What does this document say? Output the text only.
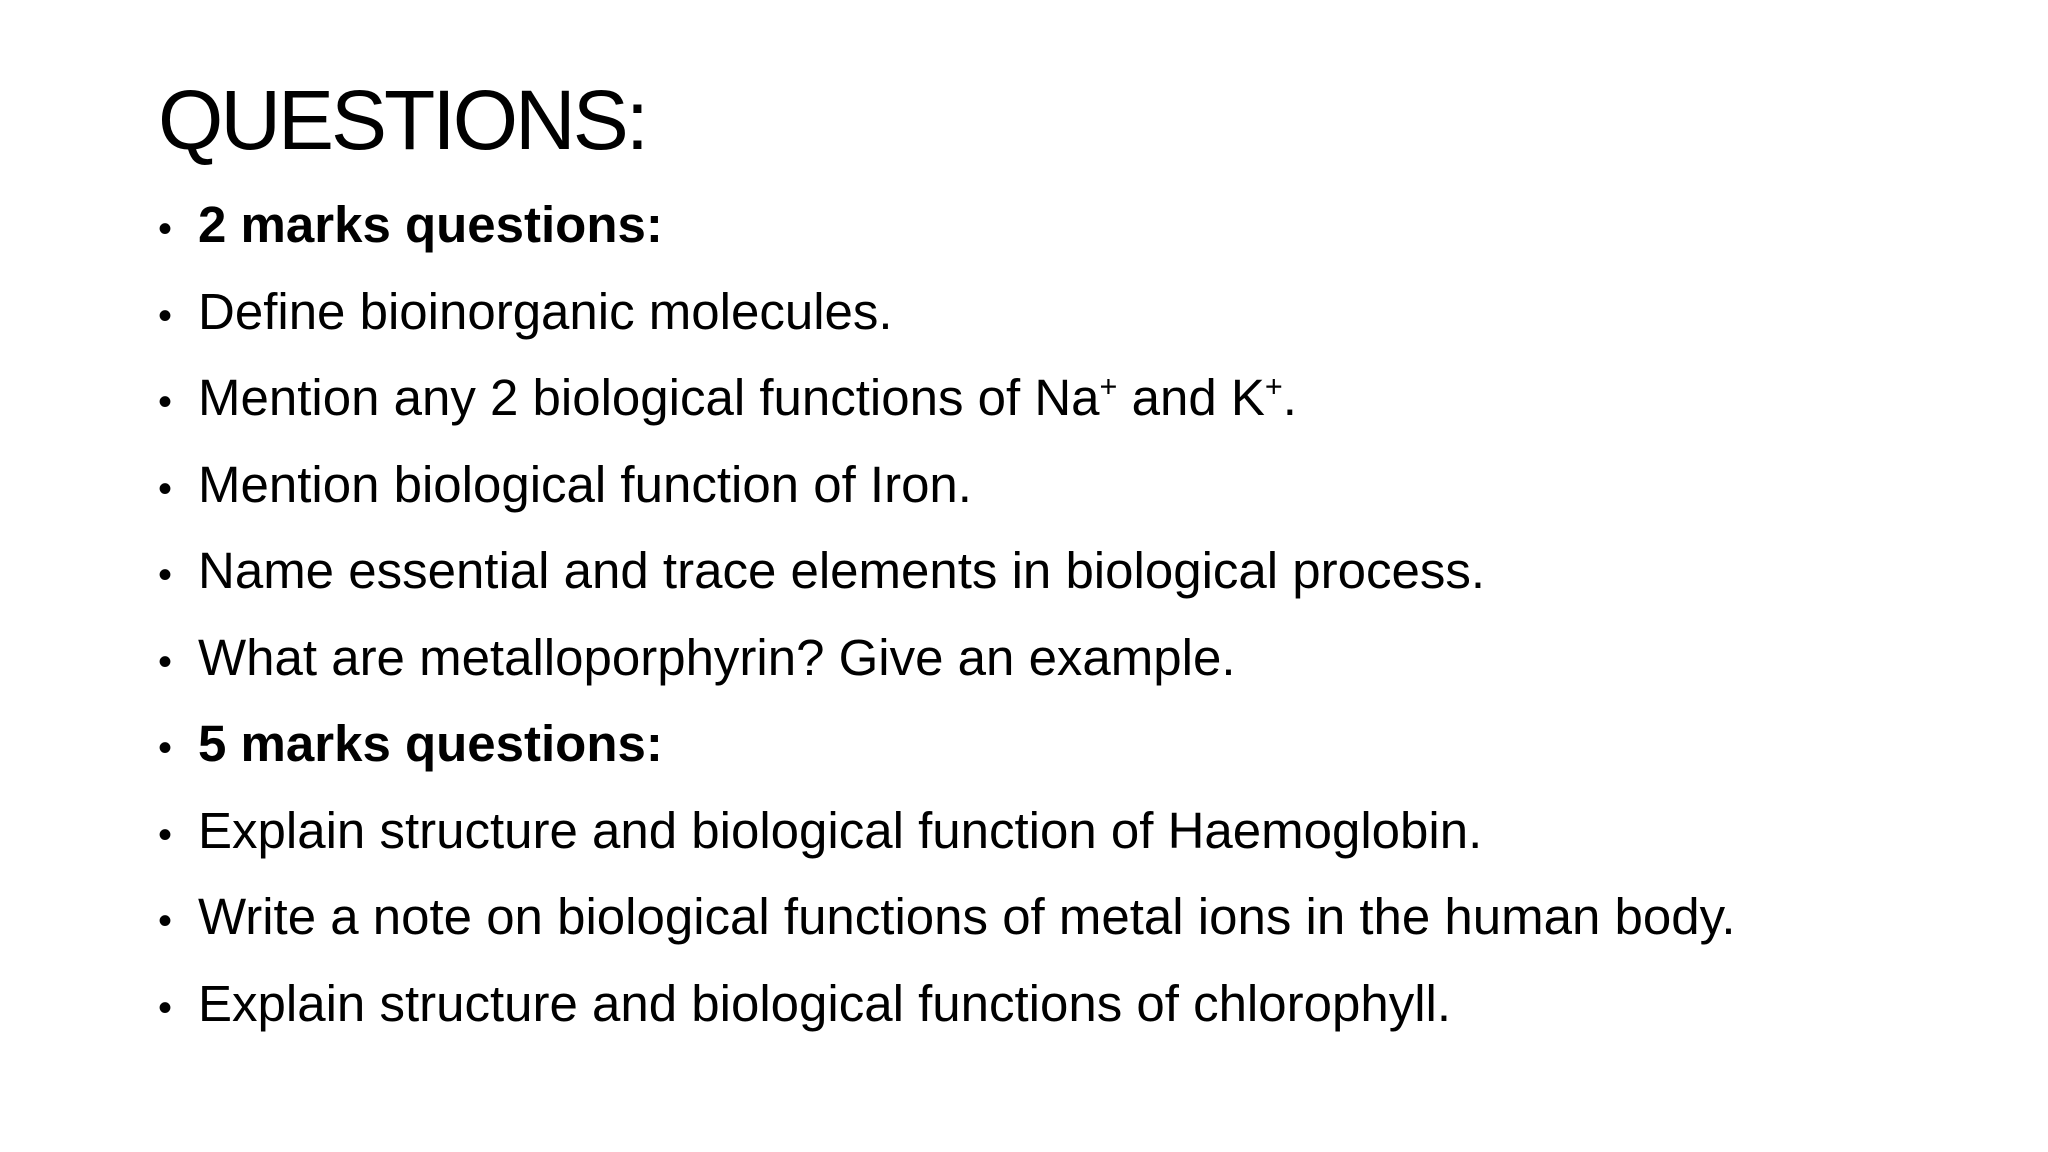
QUESTIONS:
• 2 marks questions:
• Define bioinorganic molecules.
• Mention any 2 biological functions of Na+ and K+.
• Mention biological function of Iron.
• Name essential and trace elements in biological process.
• What are metalloporphyrin? Give an example.
• 5 marks questions:
• Explain structure and biological function of Haemoglobin.
• Write a note on biological functions of metal ions in the human body.
• Explain structure and biological functions of chlorophyll.
